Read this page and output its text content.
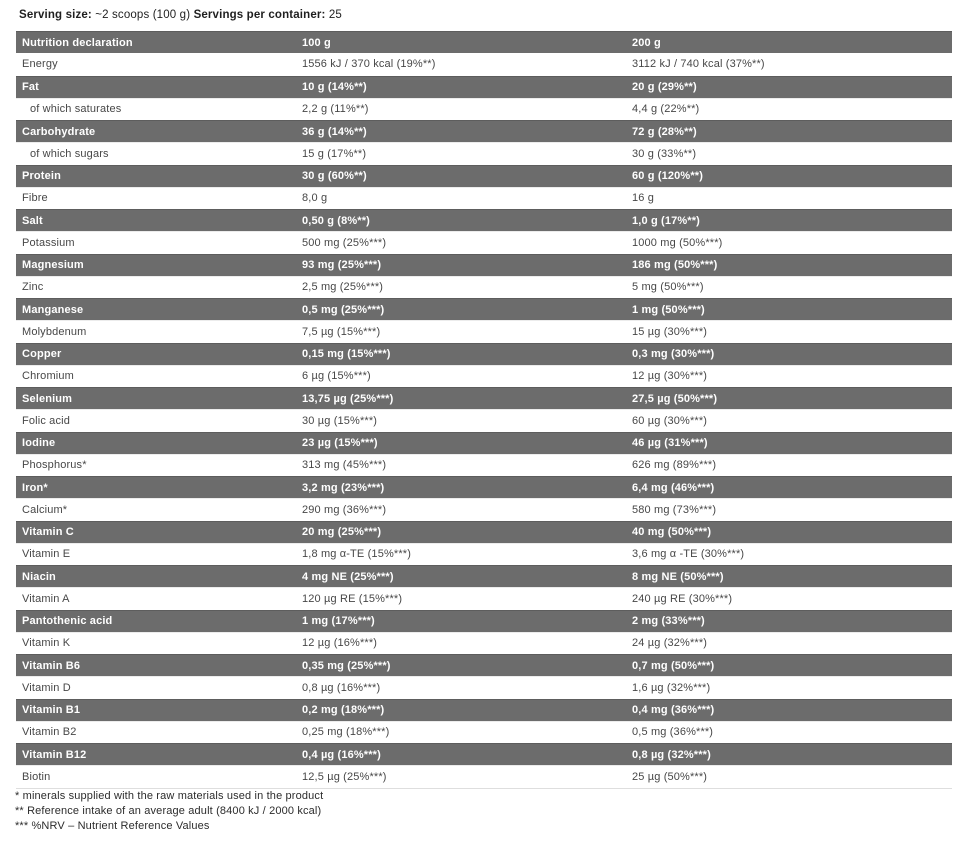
Serving size: ~2 scoops (100 g) Servings per container: 25
Nutrition declaration	100 g	200 g
Energy	1556 kJ / 370 kcal (19%**)	3112 kJ / 740 kcal (37%**)
Fat	10 g (14%**)	20 g (29%**)
of which saturates	2,2 g (11%**)	4,4 g (22%**)
Carbohydrate	36 g (14%**)	72 g (28%**)
of which sugars	15 g (17%**)	30 g (33%**)
Protein	30 g (60%**)	60 g (120%**)
Fibre	8,0 g	16 g
Salt	0,50 g (8%**)	1,0 g (17%**)
Potassium	500 mg (25%***)	1000 mg (50%***)
Magnesium	93 mg (25%***)	186 mg (50%***)
Zinc	2,5 mg (25%***)	5 mg (50%***)
Manganese	0,5 mg (25%***)	1 mg (50%***)
Molybdenum	7,5 µg (15%***)	15 µg (30%***)
Copper	0,15 mg (15%***)	0,3 mg (30%***)
Chromium	6 µg (15%***)	12 µg (30%***)
Selenium	13,75 µg (25%***)	27,5 µg (50%***)
Folic acid	30 µg (15%***)	60 µg (30%***)
Iodine	23 µg (15%***)	46 µg (31%***)
Phosphorus*	313 mg (45%***)	626 mg (89%***)
Iron*	3,2 mg (23%***)	6,4 mg (46%***)
Calcium*	290 mg (36%***)	580 mg (73%***)
Vitamin C	20 mg (25%***)	40 mg (50%***)
Vitamin E	1,8 mg α-TE (15%***)	3,6 mg α -TE (30%***)
Niacin	4 mg NE (25%***)	8 mg NE (50%***)
Vitamin A	120 µg RE (15%***)	240 µg RE (30%***)
Pantothenic acid	1 mg (17%***)	2 mg (33%***)
Vitamin K	12 µg (16%***)	24 µg (32%***)
Vitamin B6	0,35 mg (25%***)	0,7 mg (50%***)
Vitamin D	0,8 µg (16%***)	1,6 µg (32%***)
Vitamin B1	0,2 mg (18%***)	0,4 mg (36%***)
Vitamin B2	0,25 mg (18%***)	0,5 mg (36%***)
Vitamin B12	0,4 µg (16%***)	0,8 µg (32%***)
Biotin	12,5 µg (25%***)	25 µg (50%***)

* minerals supplied with the raw materials used in the product

** Reference intake of an average adult (8400 kJ / 2000 kcal)

*** %NRV – Nutrient Reference Values
